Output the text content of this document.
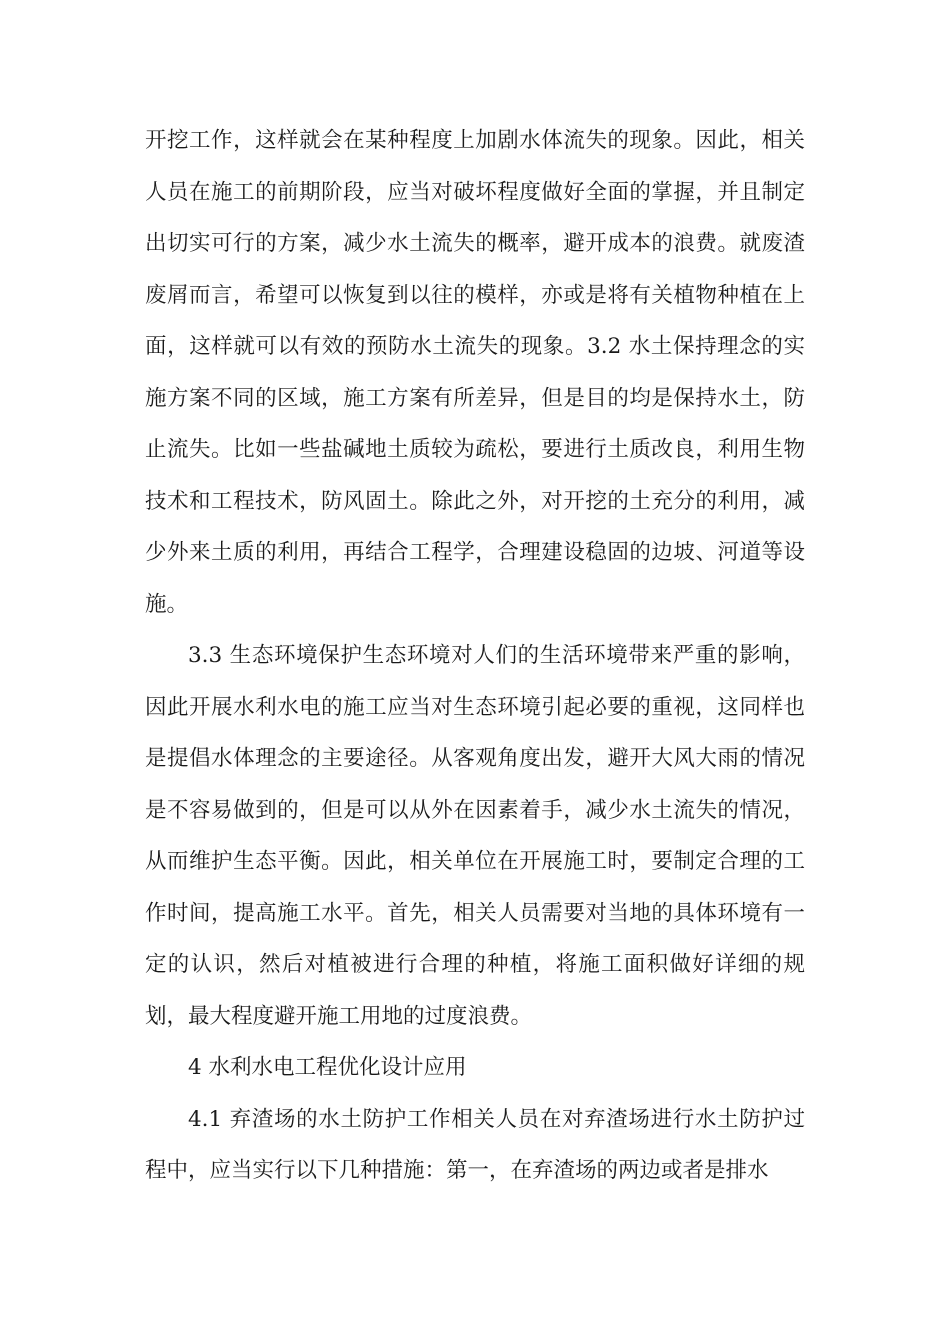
开挖工作，这样就会在某种程度上加剧水体流失的现象。因此，相关人员在施工的前期阶段，应当对破坏程度做好全面的掌握，并且制定出切实可行的方案，减少水土流失的概率，避开成本的浪费。就废渣废屑而言，希望可以恢复到以往的模样，亦或是将有关植物种植在上面，这样就可以有效的预防水土流失的现象。3.2 水土保持理念的实施方案不同的区域，施工方案有所差异，但是目的均是保持水土，防止流失。比如一些盐碱地土质较为疏松，要进行土质改良，利用生物技术和工程技术，防风固土。除此之外，对开挖的土充分的利用，减少外来土质的利用，再结合工程学，合理建设稳固的边坡、河道等设施。

3.3 生态环境保护生态环境对人们的生活环境带来严重的影响，因此开展水利水电的施工应当对生态环境引起必要的重视，这同样也是提倡水体理念的主要途径。从客观角度出发，避开大风大雨的情况是不容易做到的，但是可以从外在因素着手，减少水土流失的情况，从而维护生态平衡。因此，相关单位在开展施工时，要制定合理的工作时间，提高施工水平。首先，相关人员需要对当地的具体环境有一定的认识，然后对植被进行合理的种植，将施工面积做好详细的规划，最大程度避开施工用地的过度浪费。

4 水利水电工程优化设计应用

4.1 弃渣场的水土防护工作相关人员在对弃渣场进行水土防护过程中，应当实行以下几种措施：第一，在弃渣场的两边或者是排水
